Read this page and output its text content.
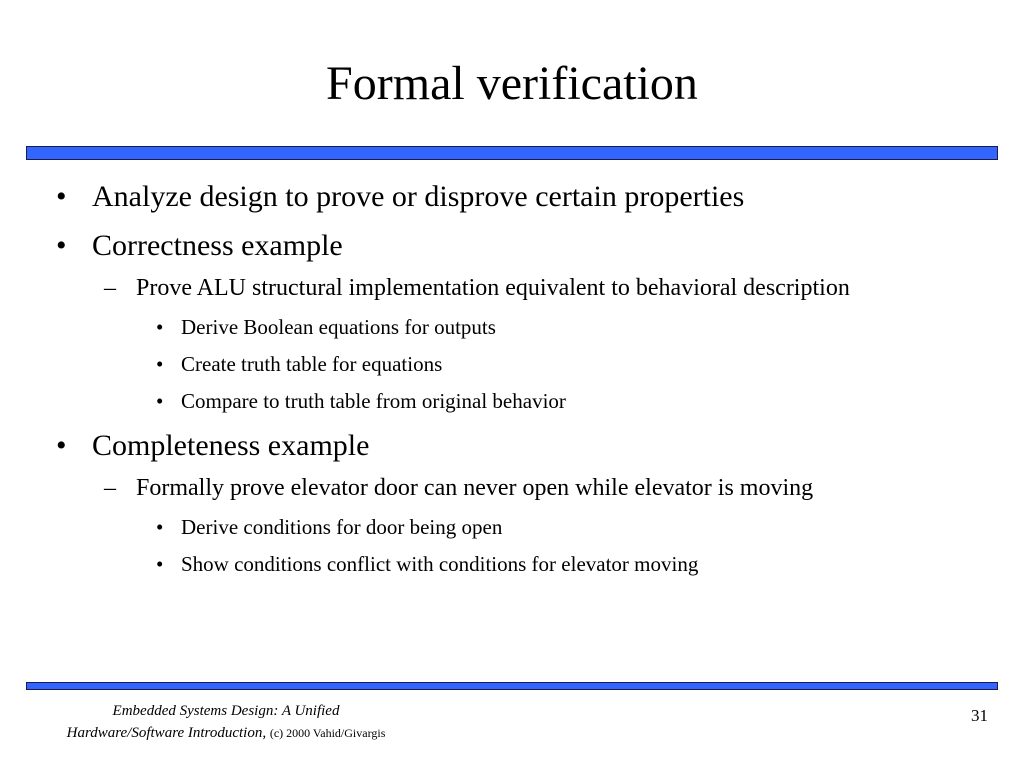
Formal verification
• Analyze design to prove or disprove certain properties
• Correctness example
– Prove ALU structural implementation equivalent to behavioral description
• Derive Boolean equations for outputs
• Create truth table for equations
• Compare to truth table from original behavior
• Completeness example
– Formally prove elevator door can never open while elevator is moving
• Derive conditions for door being open
• Show conditions conflict with conditions for elevator moving
Embedded Systems Design: A Unified
Hardware/Software Introduction, (c) 2000 Vahid/Givargis
31
